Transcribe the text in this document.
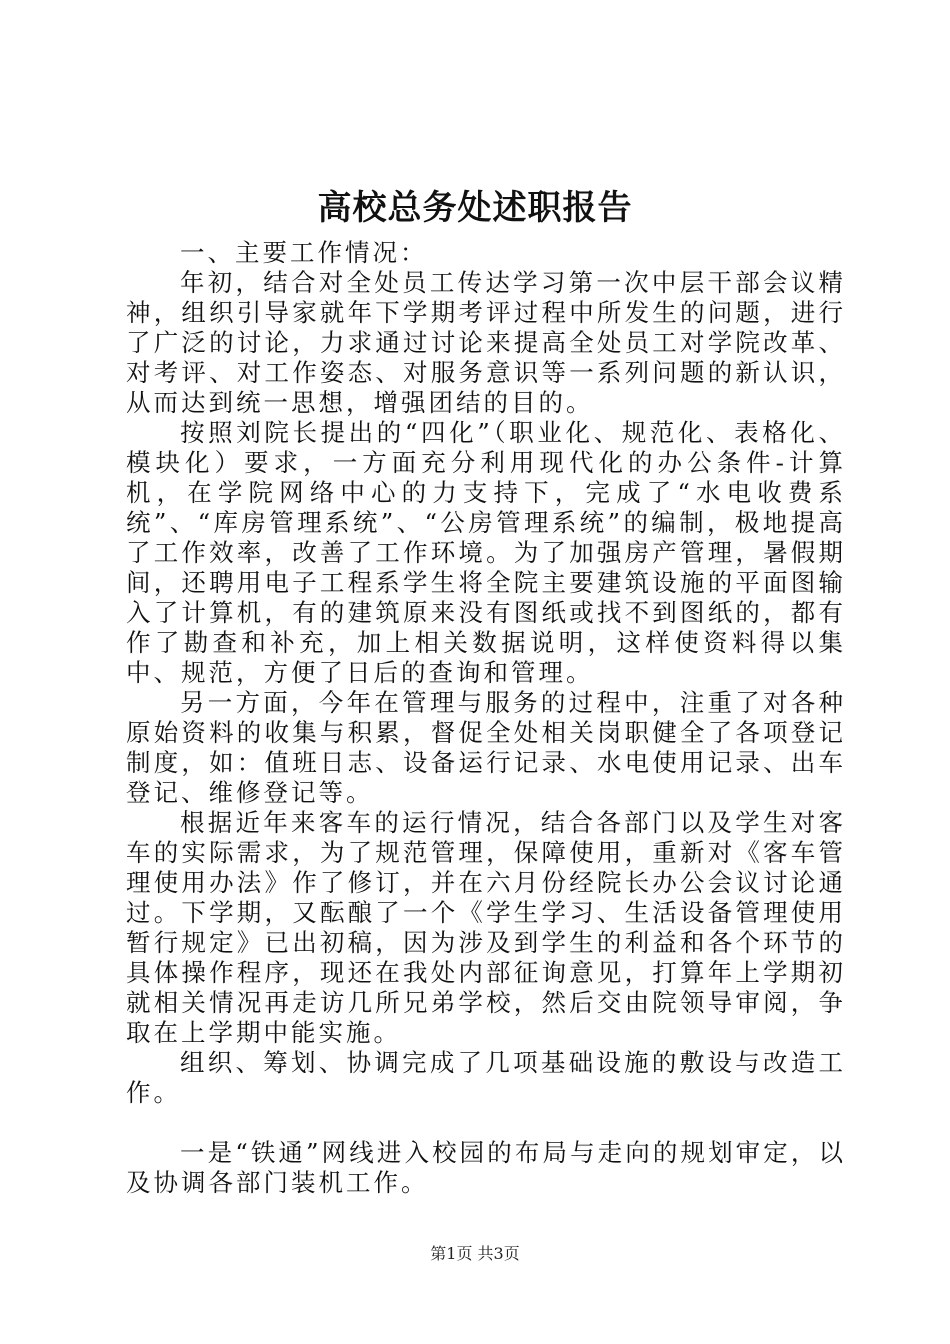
高校总务处述职报告

一、主要工作情况：

年初，结合对全处员工传达学习第一次中层干部会议精神，组织引导家就年下学期考评过程中所发生的问题，进行了广泛的讨论，力求通过讨论来提高全处员工对学院改革、对考评、对工作姿态、对服务意识等一系列问题的新认识，从而达到统一思想，增强团结的目的。

按照刘院长提出的“四化”（职业化、规范化、表格化、模块化）要求，一方面充分利用现代化的办公条件-计算机，在学院网络中心的力支持下，完成了“水电收费系统”、“库房管理系统”、“公房管理系统”的编制，极地提高了工作效率，改善了工作环境。为了加强房产管理，暑假期间，还聘用电子工程系学生将全院主要建筑设施的平面图输入了计算机，有的建筑原来没有图纸或找不到图纸的，都有作了勘查和补充，加上相关数据说明，这样使资料得以集中、规范，方便了日后的查询和管理。

另一方面，今年在管理与服务的过程中，注重了对各种原始资料的收集与积累，督促全处相关岗职健全了各项登记制度，如：值班日志、设备运行记录、水电使用记录、出车登记、维修登记等。

根据近年来客车的运行情况，结合各部门以及学生对客车的实际需求，为了规范管理，保障使用，重新对《客车管理使用办法》作了修订，并在六月份经院长办公会议讨论通过。下学期，又酝酿了一个《学生学习、生活设备管理使用暂行规定》已出初稿，因为涉及到学生的利益和各个环节的具体操作程序，现还在我处内部征询意见，打算年上学期初就相关情况再走访几所兄弟学校，然后交由院领导审阅，争取在上学期中能实施。

组织、筹划、协调完成了几项基础设施的敷设与改造工作。

一是“铁通”网线进入校园的布局与走向的规划审定，以及协调各部门装机工作。

第1页 共3页
